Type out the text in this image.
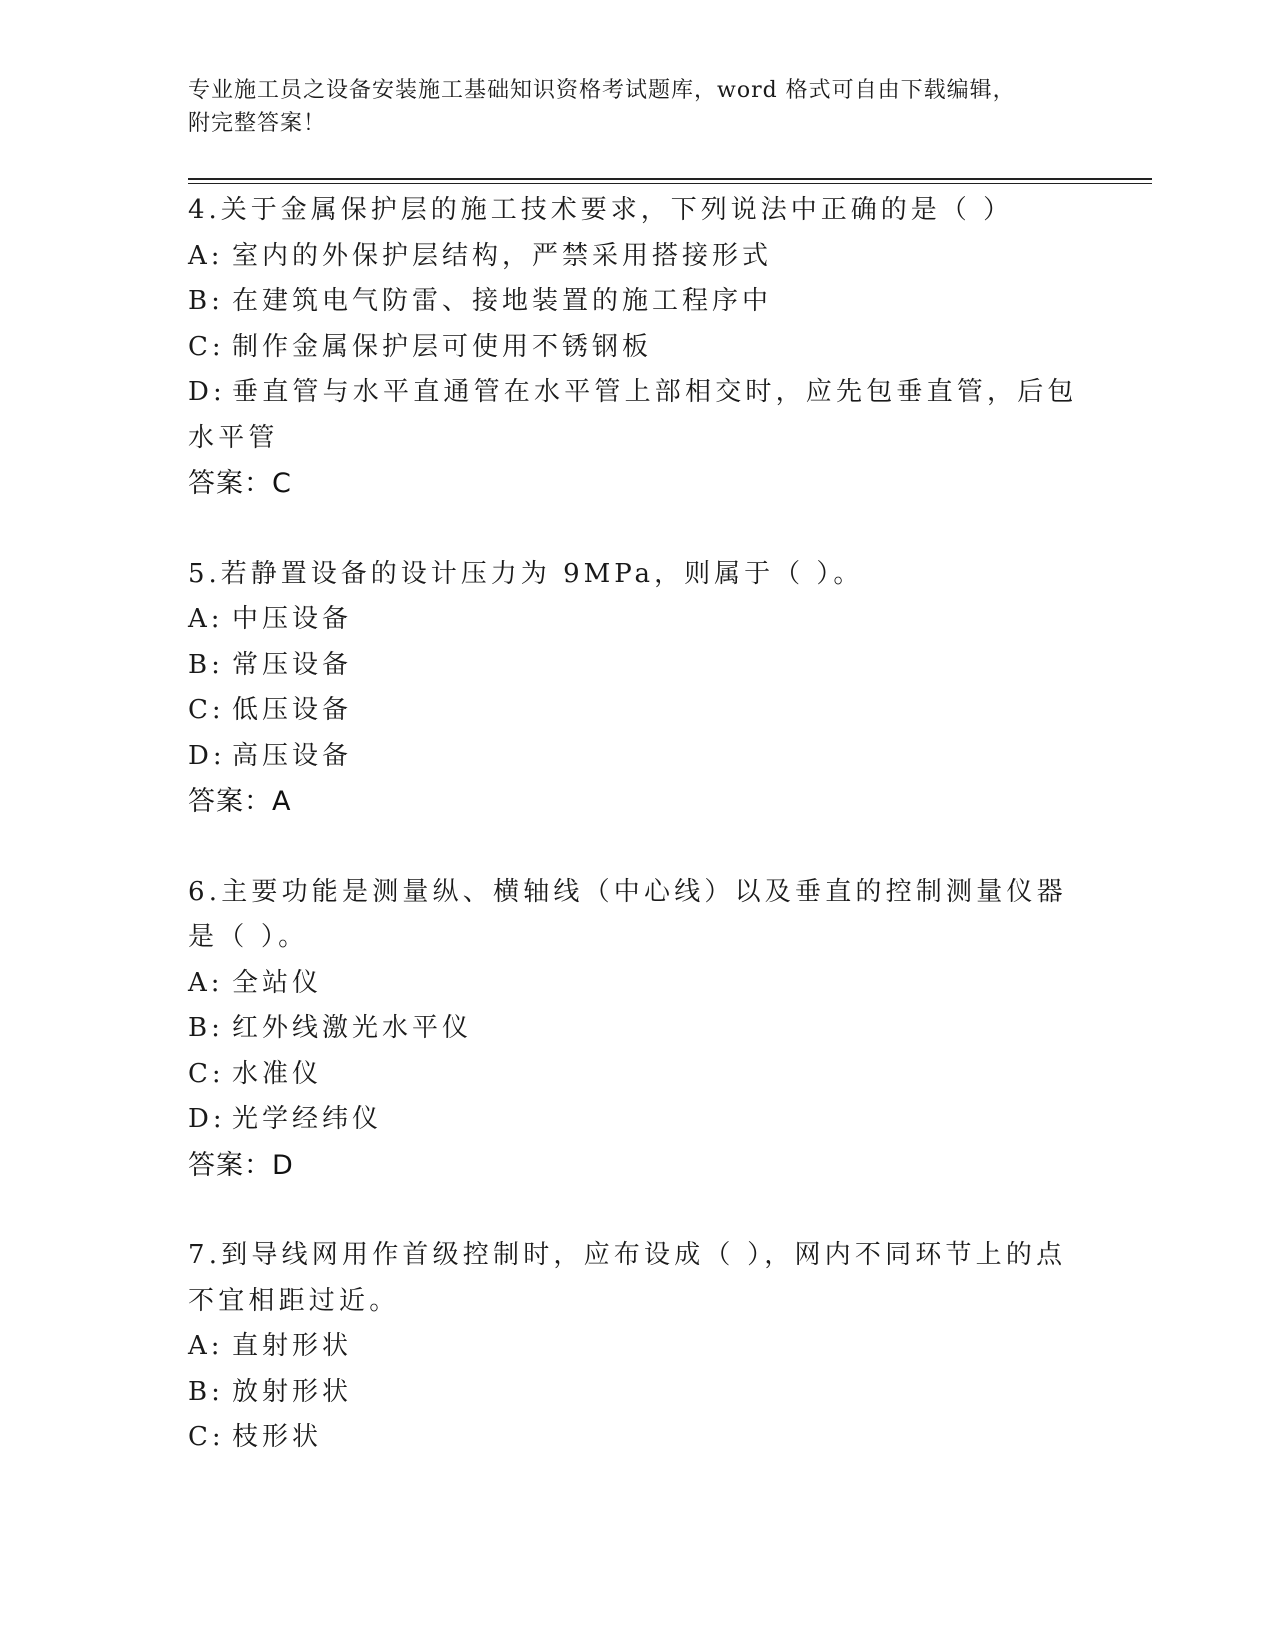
专业施工员之设备安装施工基础知识资格考试题库，word 格式可自由下载编辑，
附完整答案！
4.关于金属保护层的施工技术要求，下列说法中正确的是（ ）
A: 室内的外保护层结构，严禁采用搭接形式
B: 在建筑电气防雷、接地装置的施工程序中
C: 制作金属保护层可使用不锈钢板
D: 垂直管与水平直通管在水平管上部相交时，应先包垂直管，后包水平管
答案：C
5.若静置设备的设计压力为 9MPa，则属于（ ）。
A: 中压设备
B: 常压设备
C: 低压设备
D: 高压设备
答案：A
6.主要功能是测量纵、横轴线（中心线）以及垂直的控制测量仪器是（ ）。
A: 全站仪
B: 红外线激光水平仪
C: 水准仪
D: 光学经纬仪
答案：D
7.到导线网用作首级控制时，应布设成（ ），网内不同环节上的点不宜相距过近。
A: 直射形状
B: 放射形状
C: 枝形状
